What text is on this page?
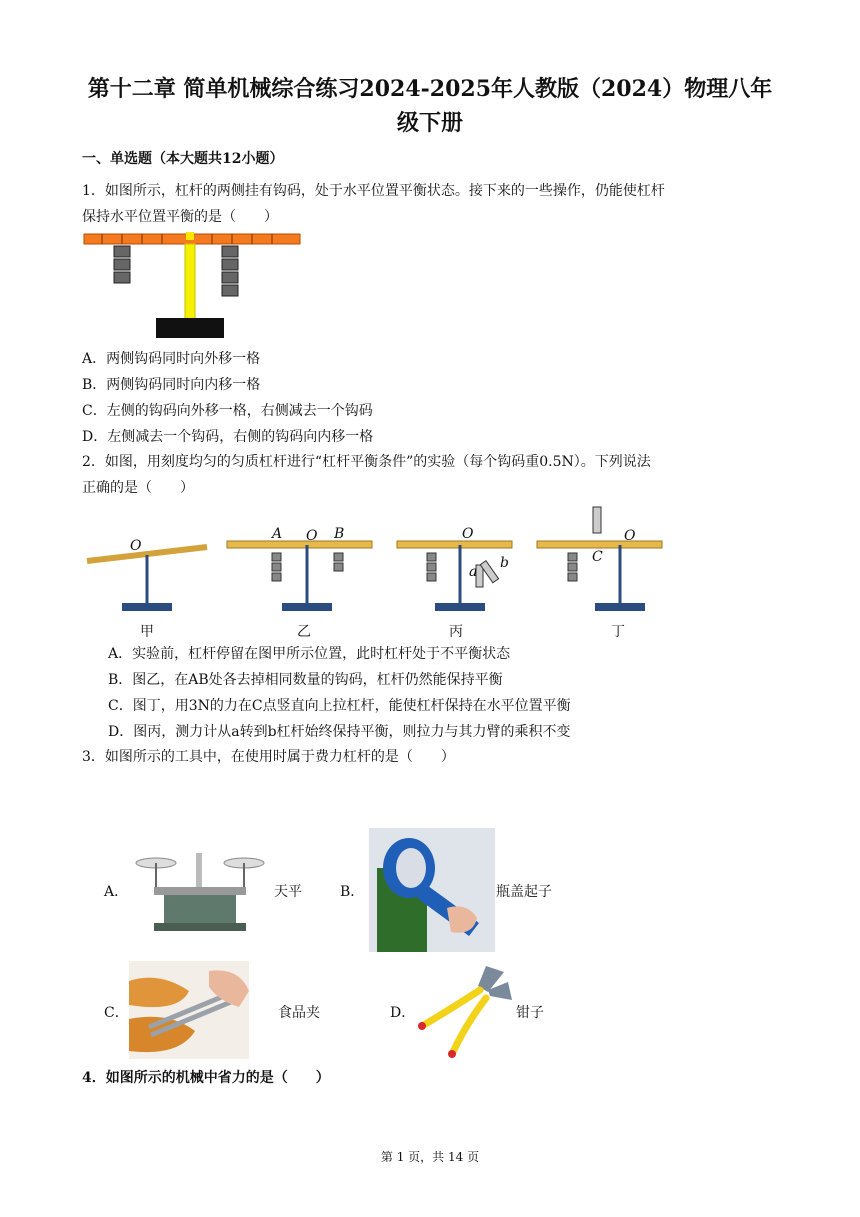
第十二章 简单机械综合练习2024-2025年人教版（2024）物理八年
级下册
一、单选题（本大题共12小题）
1．如图所示，杠杆的两侧挂有钩码，处于水平位置平衡状态。接下来的一些操作，仍能使杠杆
保持水平位置平衡的是（　　）
A．两侧钩码同时向外移一格
B．两侧钩码同时向内移一格
C．左侧的钩码向外移一格，右侧减去一个钩码
D．左侧减去一个钩码，右侧的钩码向内移一格
2．如图，用刻度均匀的匀质杠杆进行“杠杆平衡条件”的实验（每个钩码重0.5N）。下列说法
正确的是（　　）
O
A O B	O
a
b	C
O
甲	乙	丙	丁
A．实验前，杠杆停留在图甲所示位置，此时杠杆处于不平衡状态
B．图乙，在AB处各去掉相同数量的钩码，杠杆仍然能保持平衡
C．图丁，用3N的力在C点竖直向上拉杠杆，能使杠杆保持在水平位置平衡
D．图丙，测力计从a转到b杠杆始终保持平衡，则拉力与其力臂的乘积不变
3．如图所示的工具中，在使用时属于费力杠杆的是（　　）
A．	天平	B．	瓶盖起子
C．	食品夹	D．	钳子
4．如图所示的机械中省力的是（　　）
第 1 页，共 14 页
